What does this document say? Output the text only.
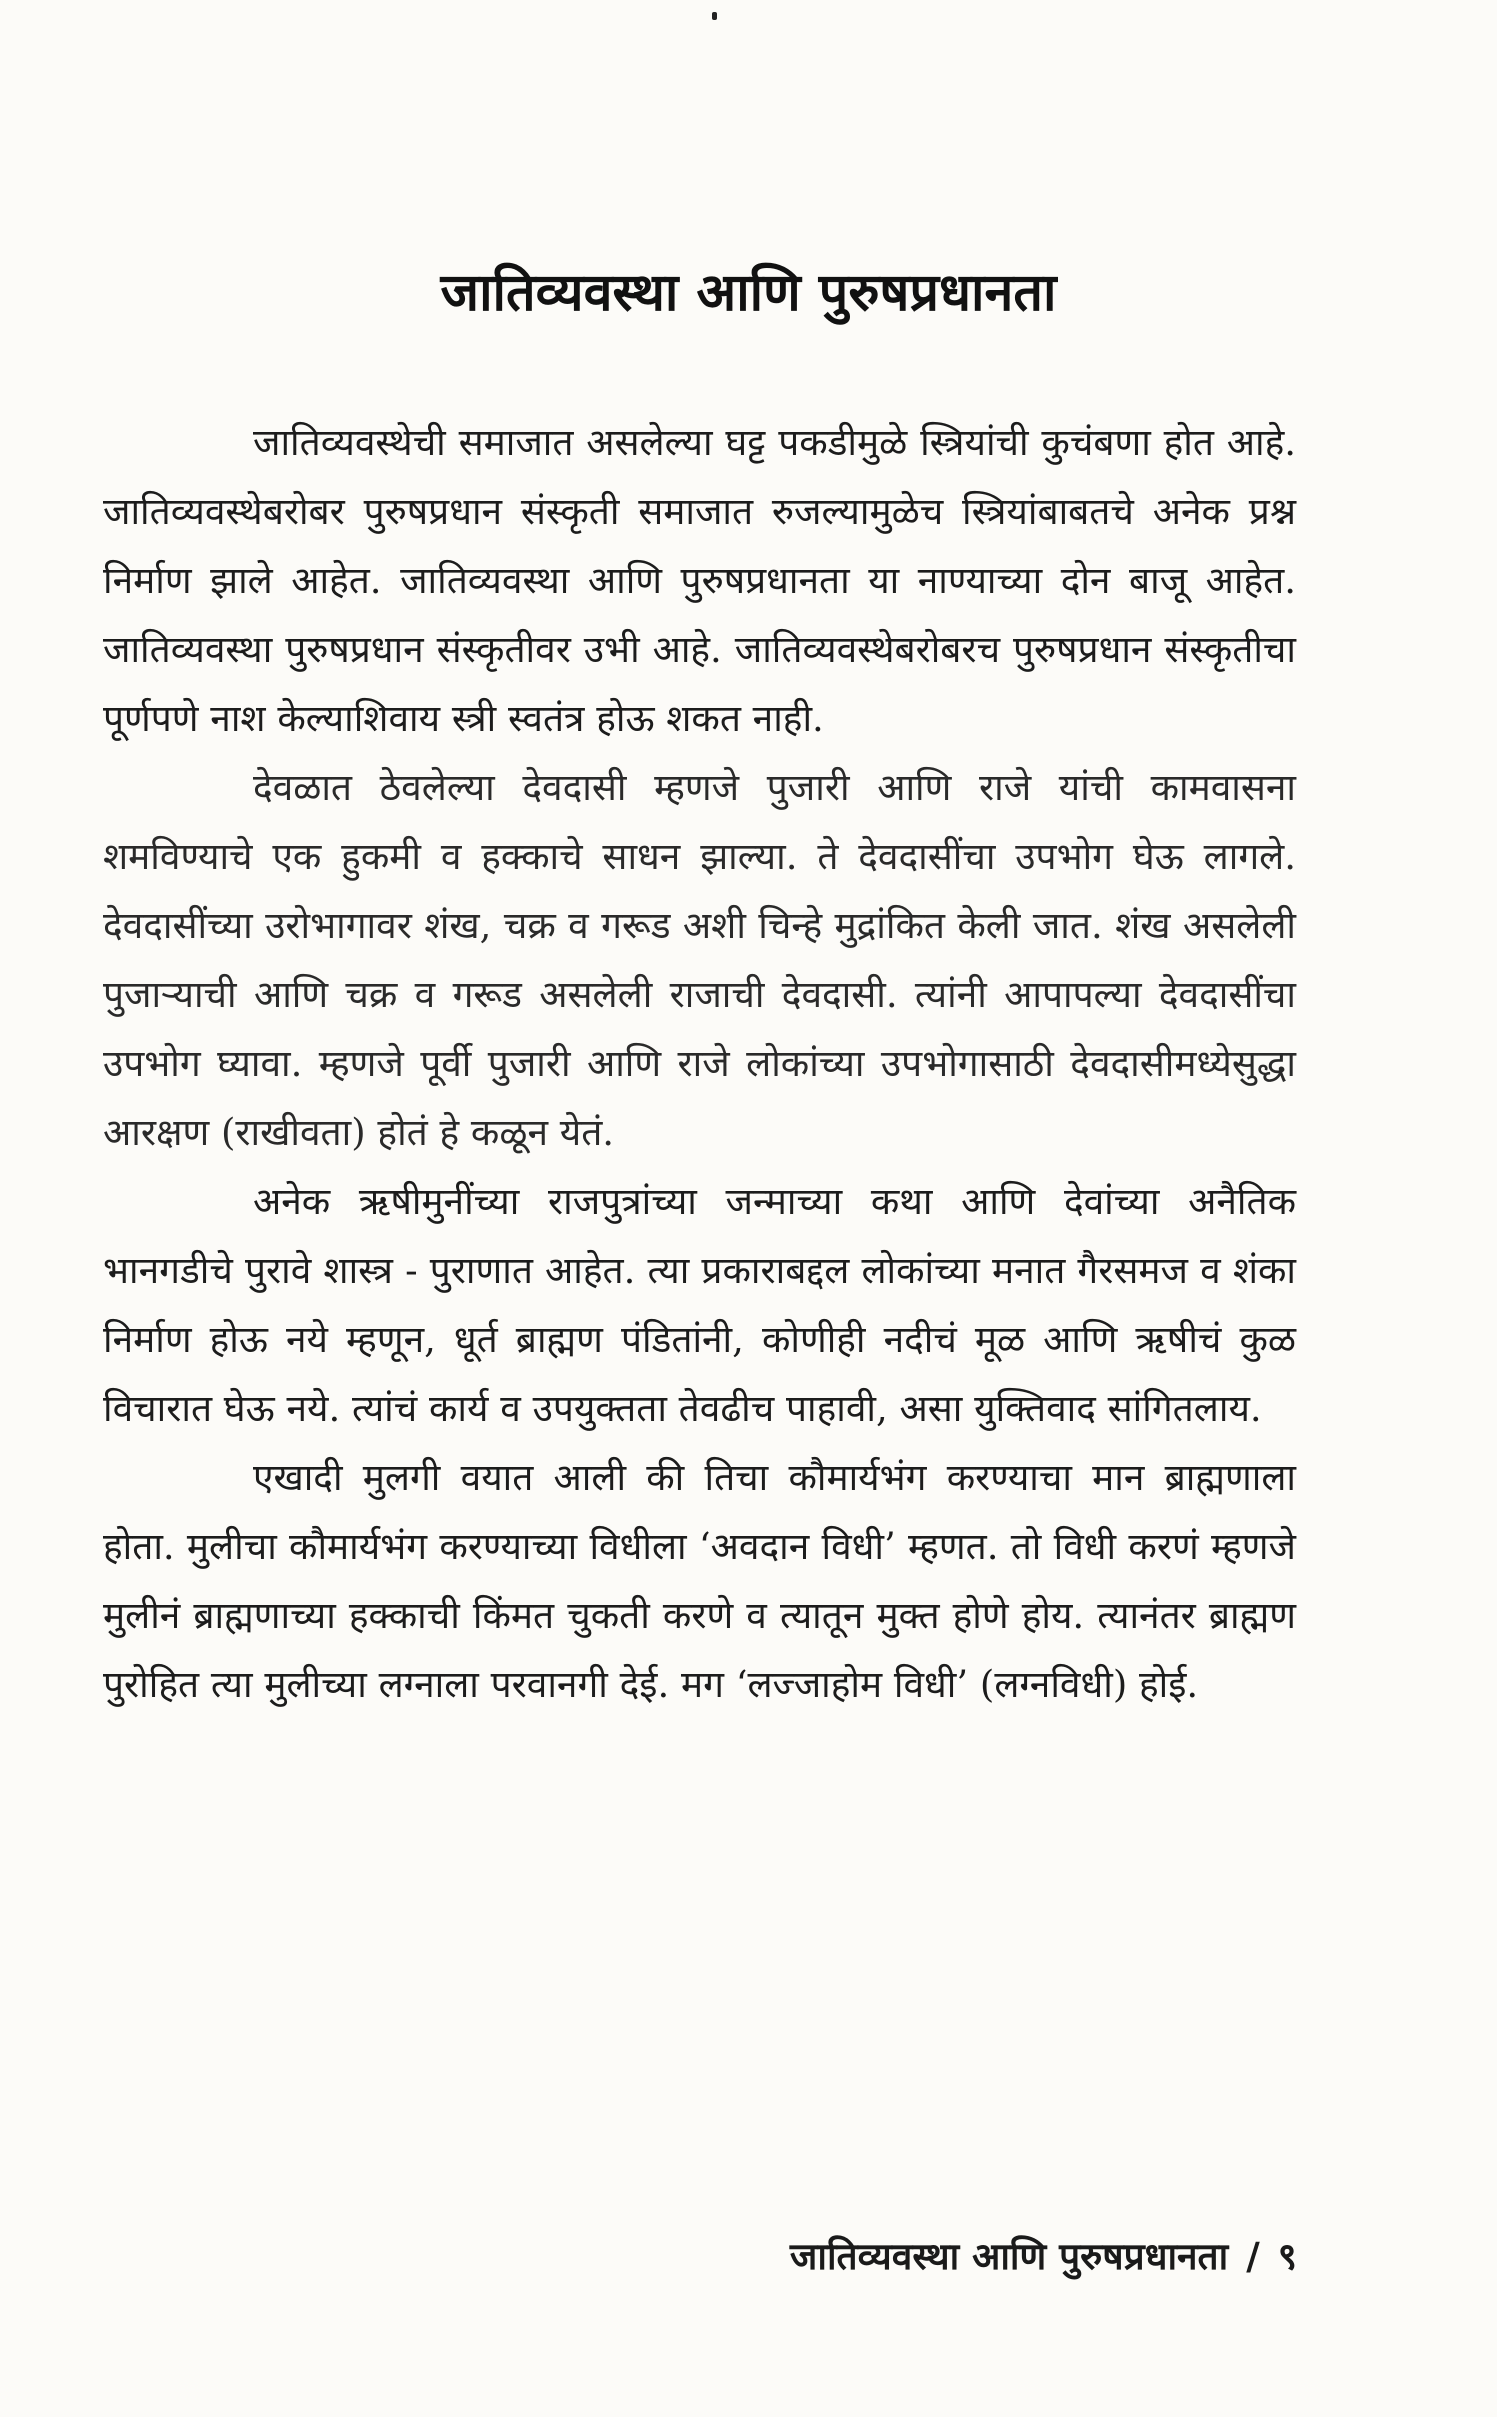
जातिव्यवस्था आणि पुरुषप्रधानता

जातिव्यवस्थेची समाजात असलेल्या घट्ट पकडीमुळे स्त्रियांची कुचंबणा होत आहे. जातिव्यवस्थेबरोबर पुरुषप्रधान संस्कृती समाजात रुजल्यामुळेच स्त्रियांबाबतचे अनेक प्रश्न निर्माण झाले आहेत. जातिव्यवस्था आणि पुरुषप्रधानता या नाण्याच्या दोन बाजू आहेत. जातिव्यवस्था पुरुषप्रधान संस्कृतीवर उभी आहे. जातिव्यवस्थेबरोबरच पुरुषप्रधान संस्कृतीचा पूर्णपणे नाश केल्याशिवाय स्त्री स्वतंत्र होऊ शकत नाही.

देवळात ठेवलेल्या देवदासी म्हणजे पुजारी आणि राजे यांची कामवासना शमविण्याचे एक हुकमी व हक्काचे साधन झाल्या. ते देवदासींचा उपभोग घेऊ लागले. देवदासींच्या उरोभागावर शंख, चक्र व गरूड अशी चिन्हे मुद्रांकित केली जात. शंख असलेली पुजाऱ्याची आणि चक्र व गरूड असलेली राजाची देवदासी. त्यांनी आपापल्या देवदासींचा उपभोग घ्यावा. म्हणजे पूर्वी पुजारी आणि राजे लोकांच्या उपभोगासाठी देवदासीमध्येसुद्धा आरक्षण (राखीवता) होतं हे कळून येतं.

अनेक ऋषीमुनींच्या राजपुत्रांच्या जन्माच्या कथा आणि देवांच्या अनैतिक भानगडीचे पुरावे शास्त्र - पुराणात आहेत. त्या प्रकाराबद्दल लोकांच्या मनात गैरसमज व शंका निर्माण होऊ नये म्हणून, धूर्त ब्राह्मण पंडितांनी, कोणीही नदीचं मूळ आणि ऋषीचं कुळ विचारात घेऊ नये. त्यांचं कार्य व उपयुक्तता तेवढीच पाहावी, असा युक्तिवाद सांगितलाय.

एखादी मुलगी वयात आली की तिचा कौमार्यभंग करण्याचा मान ब्राह्मणाला होता. मुलीचा कौमार्यभंग करण्याच्या विधीला ‘अवदान विधी’ म्हणत. तो विधी करणं म्हणजे मुलीनं ब्राह्मणाच्या हक्काची किंमत चुकती करणे व त्यातून मुक्त होणे होय. त्यानंतर ब्राह्मण पुरोहित त्या मुलीच्या लग्नाला परवानगी देई. मग ‘लज्जाहोम विधी’ (लग्नविधी) होई.

जातिव्यवस्था आणि पुरुषप्रधानता / ९
